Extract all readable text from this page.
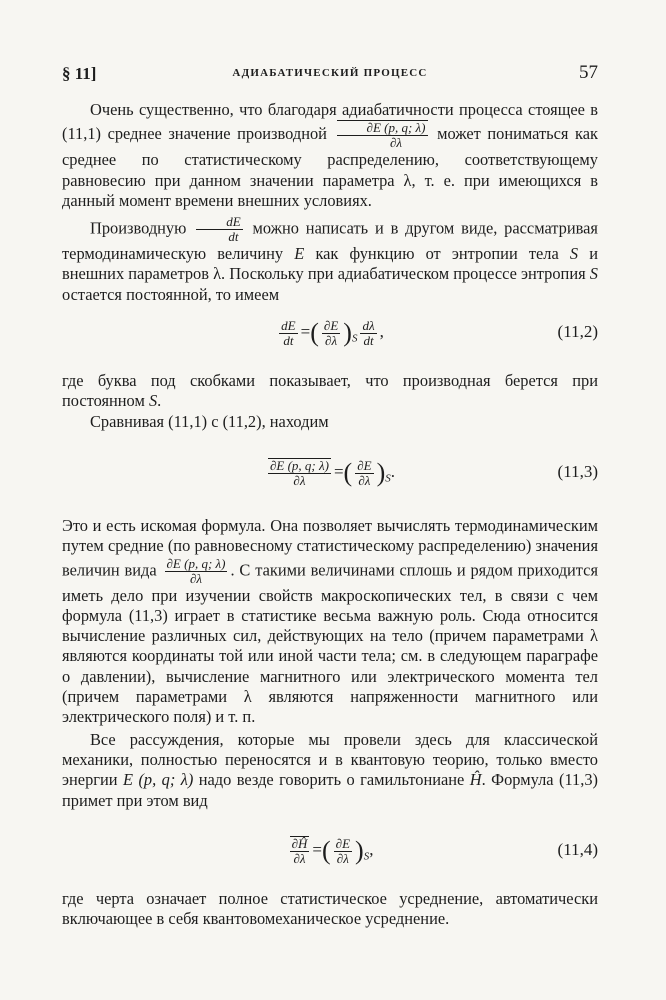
§ 11]	АДИАБАТИЧЕСКИЙ ПРОЦЕСС	57

Очень существенно, что благодаря адиабатичности процесса стоящее в (11,1) среднее значение производной $\frac{\partial E (p, q; \lambda)}{\partial\lambda}$ может пониматься как среднее по статистическому распределению, соответствующему равновесию при данном значении параметра λ, т. е. при имеющихся в данный момент времени внешних условиях.

Производную $\frac{dE}{dt}$ можно написать и в другом виде, рассматривая термодинамическую величину E как функцию от энтропии тела S и внешних параметров λ. Поскольку при адиабатическом процессе энтропия S остается постоянной, то имеем

$\frac{dE}{dt}$ =( $\frac{\partial E}{\partial\lambda} )_S \frac{d\lambda}{dt}$ ,	(11,2)

где буква под скобками показывает, что производная берется при постоянном S.

Сравнивая (11,1) с (11,2), находим

$\frac{\partial E (p, q; \lambda)}{\partial\lambda}$ =( $\frac{\partial E}{\partial\lambda} )_S$.	(11,3)

Это и есть искомая формула. Она позволяет вычислять термодинамическим путем средние (по равновесному статистическому распределению) значения величин вида $\frac{\partial E (p, q; \lambda)}{\partial\lambda}$ . С такими величинами сплошь и рядом приходится иметь дело при изучении свойств макроскопических тел, в связи с чем формула (11,3) играет в статистике весьма важную роль. Сюда относится вычисление различных сил, действующих на тело (причем параметрами λ являются координаты той или иной части тела; см. в следующем параграфе о давлении), вычисление магнитного или электрического момента тел (причем параметрами λ являются напряженности магнитного или электрического поля) и т. п.

Все рассуждения, которые мы провели здесь для классической механики, полностью переносятся и в квантовую теорию, только вместо энергии E (p, q; λ) надо везде говорить о гамильтониане Ĥ. Формула (11,3) примет при этом вид

$\frac{\partial Ĥ}{\partial\lambda}$ =( $\frac{\partial E}{\partial\lambda} )_S$,	(11,4)

где черта означает полное статистическое усреднение, автоматически включающее в себя квантовомеханическое усреднение.
